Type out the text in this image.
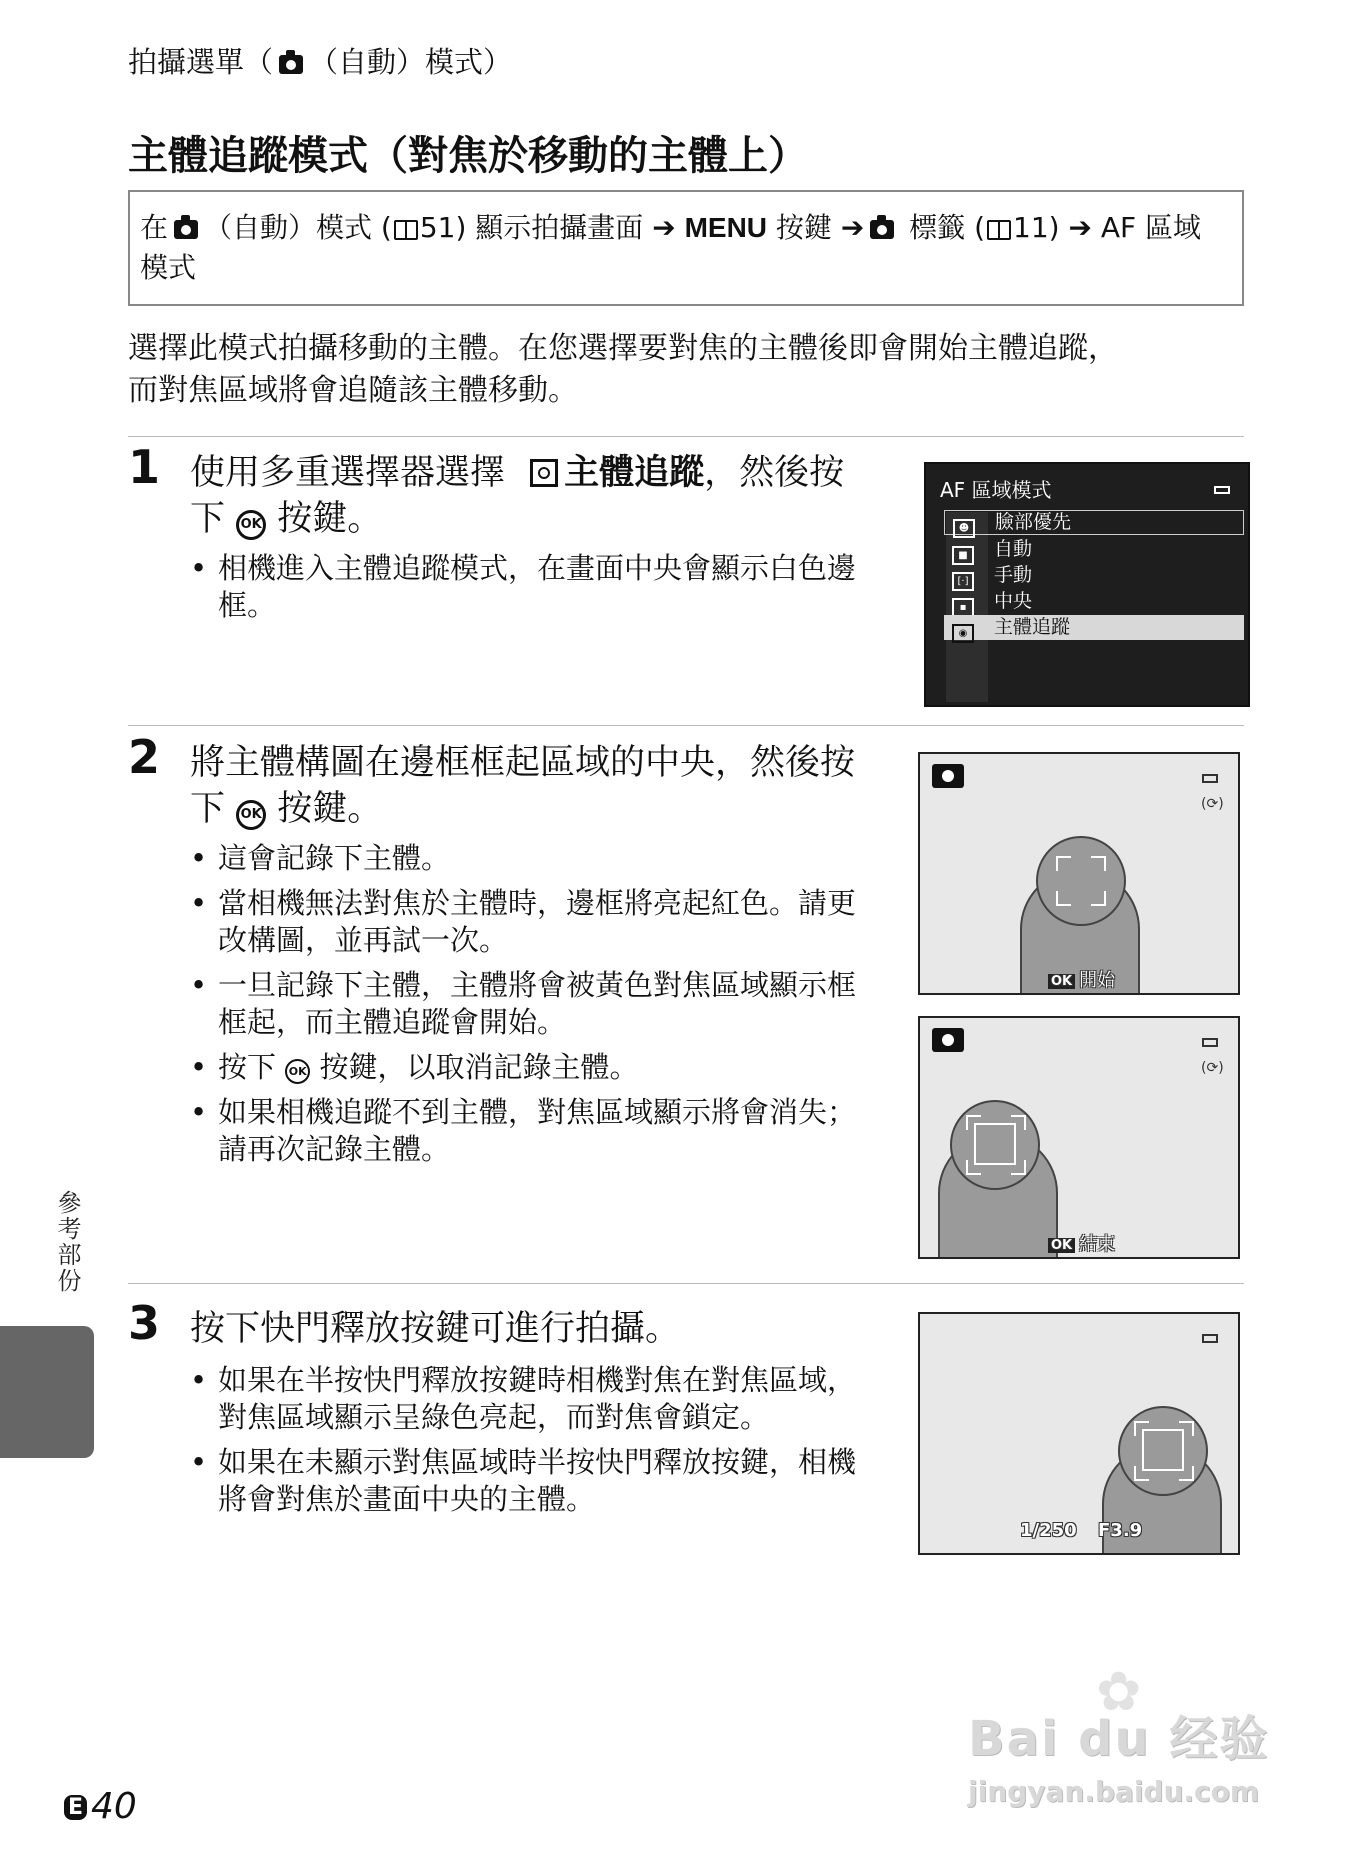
拍攝選單（ （自動）模式）
主體追蹤模式（對焦於移動的主體上）
在 （自動）模式 ( 51) 顯示拍攝畫面 ➔ MENU 按鍵 ➔ 標籤 ( 11) ➔ AF 區域
模式
選擇此模式拍攝移動的主體。在您選擇要對焦的主體後即會開始主體追蹤，
而對焦區域將會追隨該主體移動。
1 使用多重選擇器選擇 主體追蹤，然後按
下 OK 按鍵。
• 相機進入主體追蹤模式，在畫面中央會顯示白色邊
框。
AF 區域模式
☻ 臉部優先
■ 自動
[·] 手動
▪ 中央
◉ 主體追蹤
2 將主體構圖在邊框框起區域的中央，然後按
下 OK 按鍵。
• 這會記錄下主體。
• 當相機無法對焦於主體時，邊框將亮起紅色。請更
改構圖，並再試一次。
• 一旦記錄下主體，主體將會被黃色對焦區域顯示框
框起，而主體追蹤會開始。
• 按下 OK 按鍵，以取消記錄主體。
• 如果相機追蹤不到主體，對焦區域顯示將會消失；
請再次記錄主體。
(⟳)
OK 開始
(⟳)
OK 結束
3 按下快門釋放按鍵可進行拍攝。
• 如果在半按快門釋放按鍵時相機對焦在對焦區域，
對焦區域顯示呈綠色亮起，而對焦會鎖定。
• 如果在未顯示對焦區域時半按快門釋放按鍵，相機
將會對焦於畫面中央的主體。
1/250 F3.9
參考部份
E 40
✿
Bai du 经验
jingyan.baidu.com
